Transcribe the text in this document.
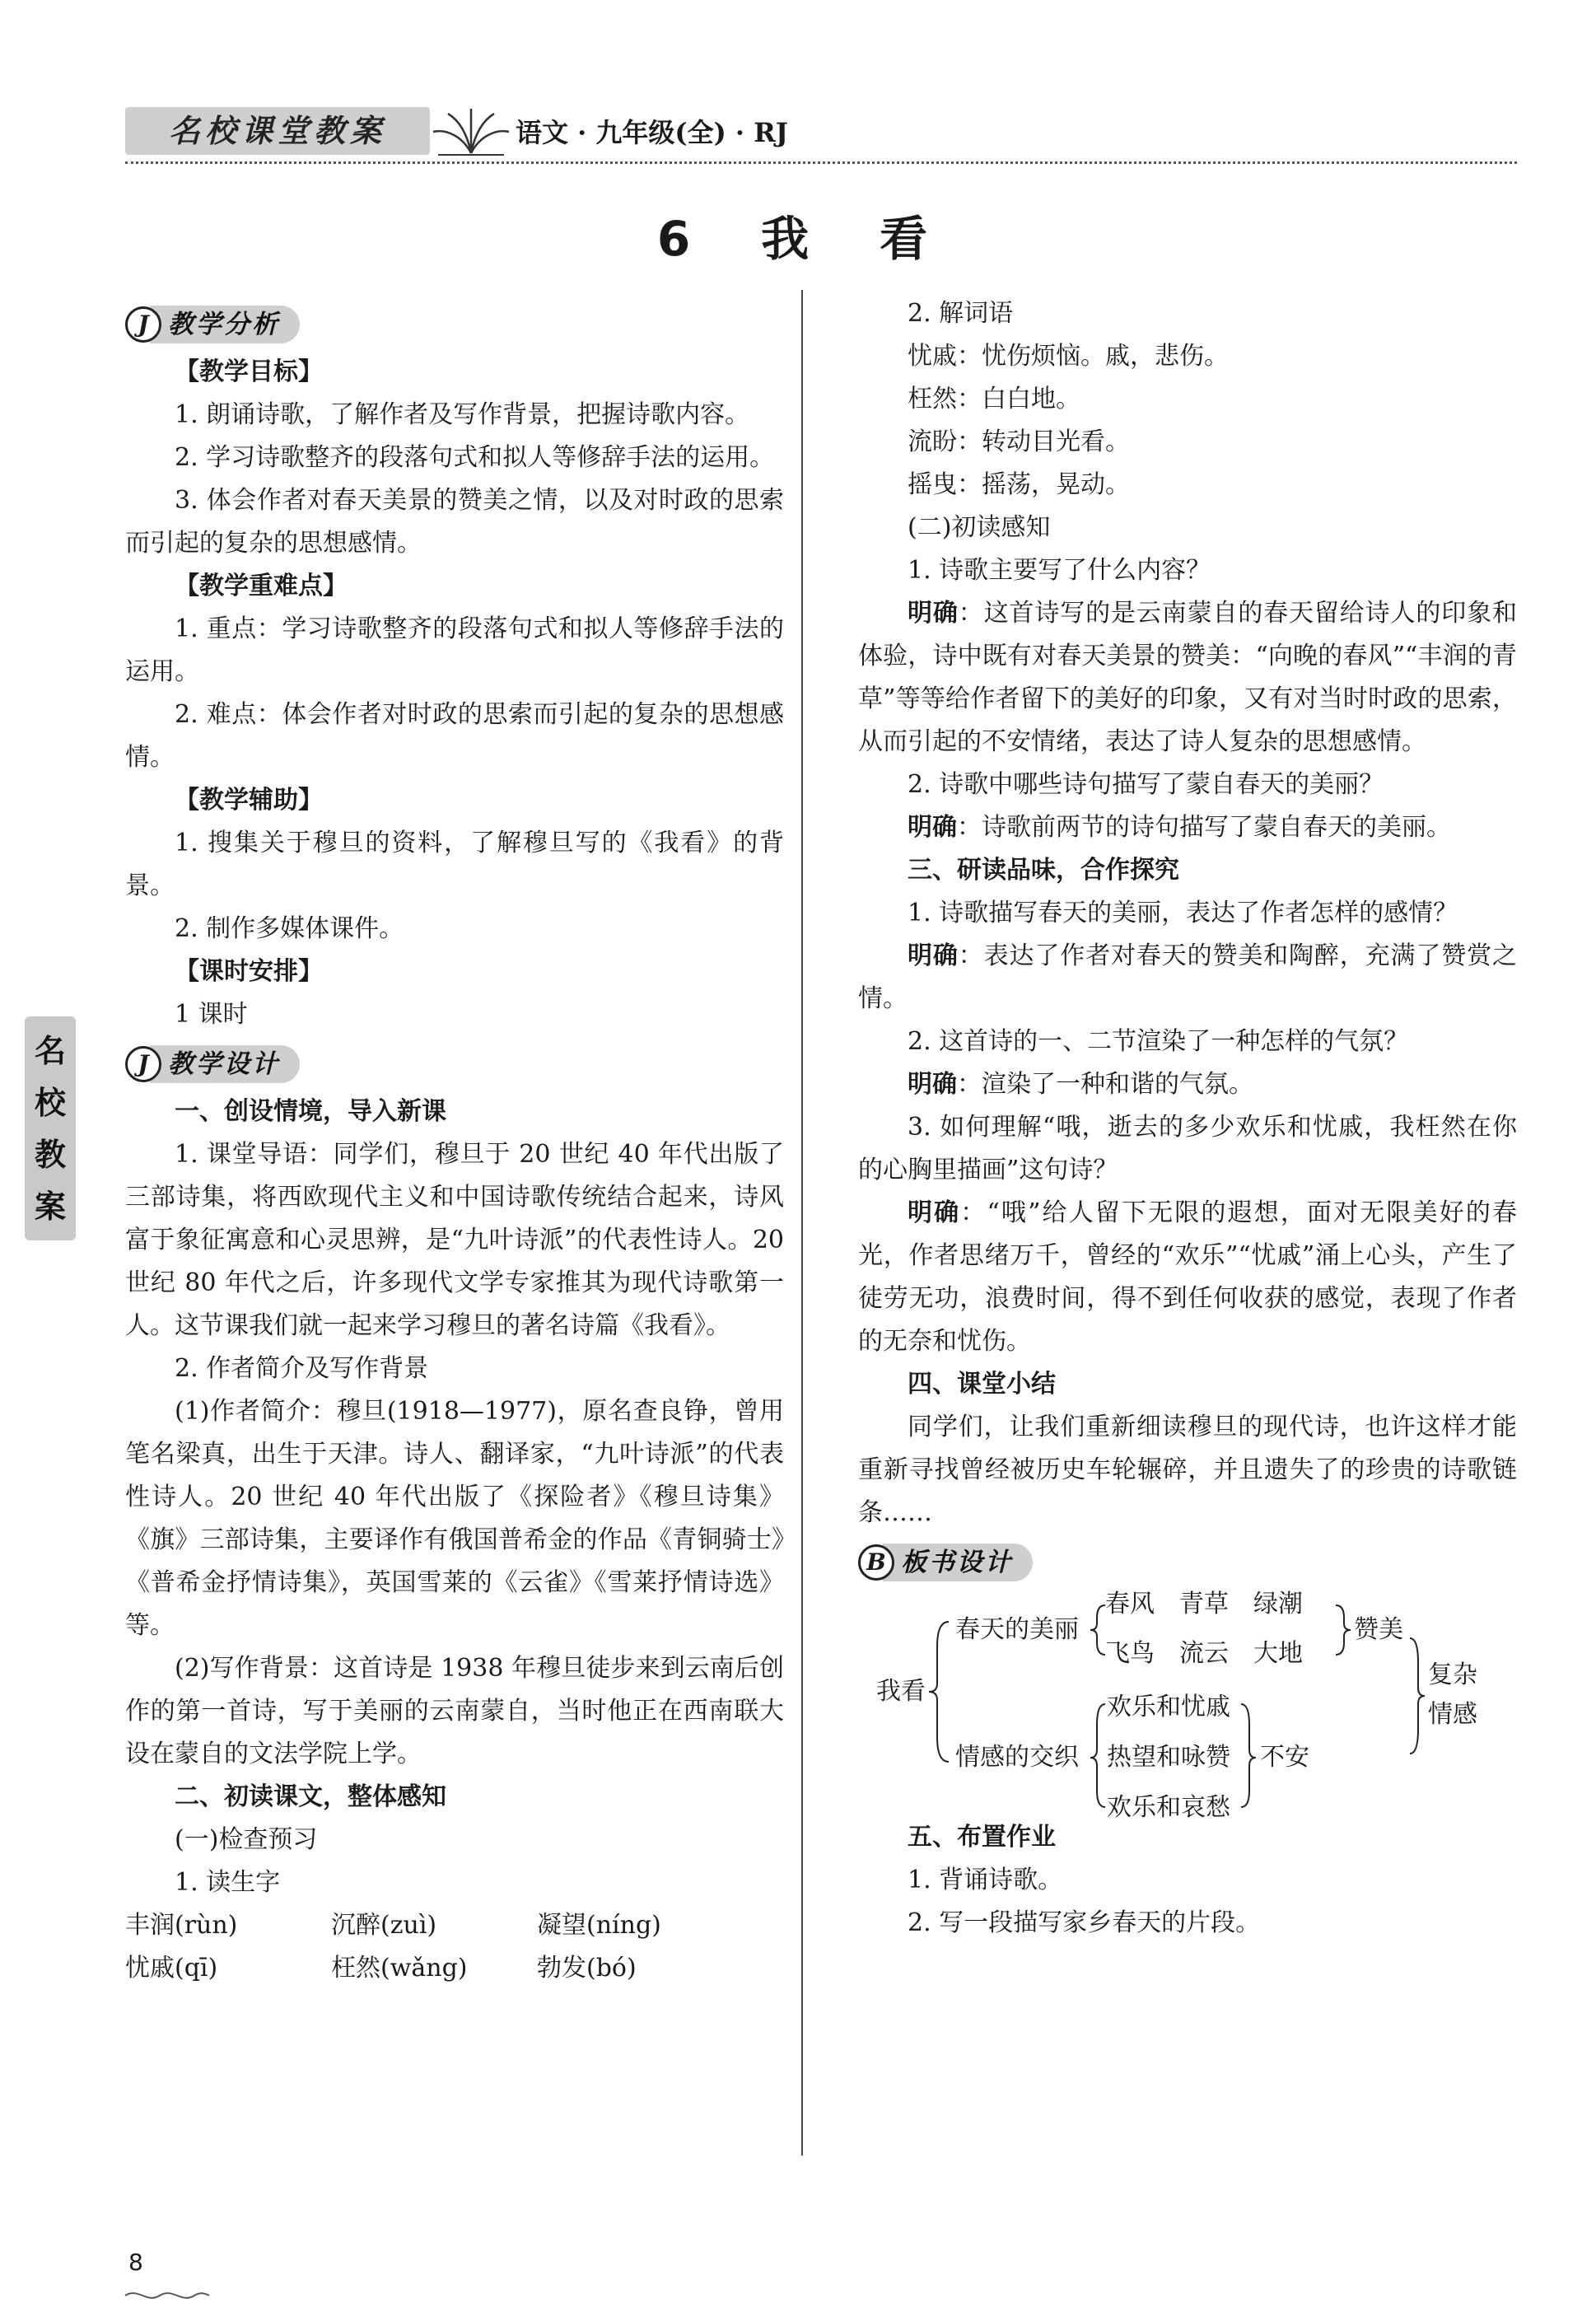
名校课堂教案	语文 · 九年级(全) · RJ
6　我　看
名
校
教
案
J 教学分析

【教学目标】

1. 朗诵诗歌，了解作者及写作背景，把握诗歌内容。

2. 学习诗歌整齐的段落句式和拟人等修辞手法的运用。

3. 体会作者对春天美景的赞美之情，以及对时政的思索而引起的复杂的思想感情。

【教学重难点】

1. 重点：学习诗歌整齐的段落句式和拟人等修辞手法的运用。

2. 难点：体会作者对时政的思索而引起的复杂的思想感情。

【教学辅助】

1. 搜集关于穆旦的资料，了解穆旦写的《我看》的背景。

2. 制作多媒体课件。

【课时安排】

1 课时

J 教学设计

一、创设情境，导入新课

1. 课堂导语：同学们，穆旦于 20 世纪 40 年代出版了三部诗集，将西欧现代主义和中国诗歌传统结合起来，诗风富于象征寓意和心灵思辨，是“九叶诗派”的代表性诗人。20 世纪 80 年代之后，许多现代文学专家推其为现代诗歌第一人。这节课我们就一起来学习穆旦的著名诗篇《我看》。

2. 作者简介及写作背景

(1)作者简介：穆旦(1918—1977)，原名查良铮，曾用笔名梁真，出生于天津。诗人、翻译家，“九叶诗派”的代表性诗人。20 世纪 40 年代出版了《探险者》《穆旦诗集》《旗》三部诗集，主要译作有俄国普希金的作品《青铜骑士》《普希金抒情诗集》，英国雪莱的《云雀》《雪莱抒情诗选》等。

(2)写作背景：这首诗是 1938 年穆旦徒步来到云南后创作的第一首诗，写于美丽的云南蒙自，当时他正在西南联大设在蒙自的文法学院上学。

二、初读课文，整体感知

(一)检查预习

1. 读生字

丰润(rùn)	沉醉(zuì)	凝望(níng)
忧戚(qī)	枉然(wǎng)	勃发(bó)

2. 解词语

忧戚：忧伤烦恼。戚，悲伤。

枉然：白白地。

流盼：转动目光看。

摇曳：摇荡，晃动。

(二)初读感知

1. 诗歌主要写了什么内容？

明确：这首诗写的是云南蒙自的春天留给诗人的印象和体验，诗中既有对春天美景的赞美：“向晚的春风”“丰润的青草”等等给作者留下的美好的印象，又有对当时时政的思索，从而引起的不安情绪，表达了诗人复杂的思想感情。

2. 诗歌中哪些诗句描写了蒙自春天的美丽？

明确：诗歌前两节的诗句描写了蒙自春天的美丽。

三、研读品味，合作探究

1. 诗歌描写春天的美丽，表达了作者怎样的感情？

明确：表达了作者对春天的赞美和陶醉，充满了赞赏之情。

2. 这首诗的一、二节渲染了一种怎样的气氛？

明确：渲染了一种和谐的气氛。

3. 如何理解“哦，逝去的多少欢乐和忧戚，我枉然在你的心胸里描画”这句诗？

明确：“哦”给人留下无限的遐想，面对无限美好的春光，作者思绪万千，曾经的“欢乐”“忧戚”涌上心头，产生了徒劳无功，浪费时间，得不到任何收获的感觉，表现了作者的无奈和忧伤。

四、课堂小结

同学们，让我们重新细读穆旦的现代诗，也许这样才能重新寻找曾经被历史车轮辗碎，并且遗失了的珍贵的诗歌链条……

B 板书设计
我看
春天的美丽
情感的交织
春风　青草　绿潮
飞鸟　流云　大地
赞美
欢乐和忧戚
热望和咏赞
欢乐和哀愁
不安
复杂
情感

五、布置作业

1. 背诵诗歌。

2. 写一段描写家乡春天的片段。

8
